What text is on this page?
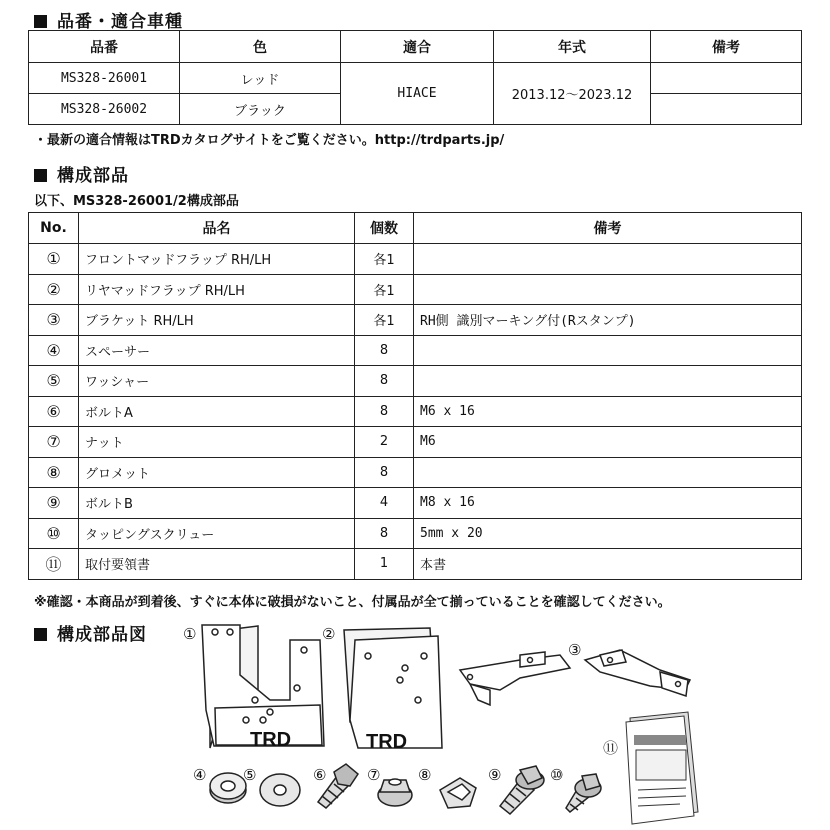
品番・適合車種
品番	色	適合	年式	備考
MS328-26001	レッド	HIACE	2013.12～2023.12	
MS328-26002	ブラック			
・最新の適合情報はTRDカタログサイトをご覧ください。http://trdparts.jp/
構成部品
以下、MS328-26001/2構成部品
No.	品名	個数	備考
①	フロントマッドフラップ RH/LH	各1	
②	リヤマッドフラップ RH/LH	各1	
③	ブラケット RH/LH	各1	RH側 識別マーキング付(Rスタンプ)
④	スペーサー	8	
⑤	ワッシャー	8	
⑥	ボルトA	8	M6 x 16
⑦	ナット	2	M6
⑧	グロメット	8	
⑨	ボルトB	4	M8 x 16
⑩	タッピングスクリュー	8	5mm x 20
⑪	取付要領書	1	本書
※確認・本商品が到着後、すぐに本体に破損がないこと、付属品が全て揃っていることを確認してください。
構成部品図
TRD	TRD
①	②
③
④ ⑤	⑥	⑦	⑧	⑨	⑩
⑪
